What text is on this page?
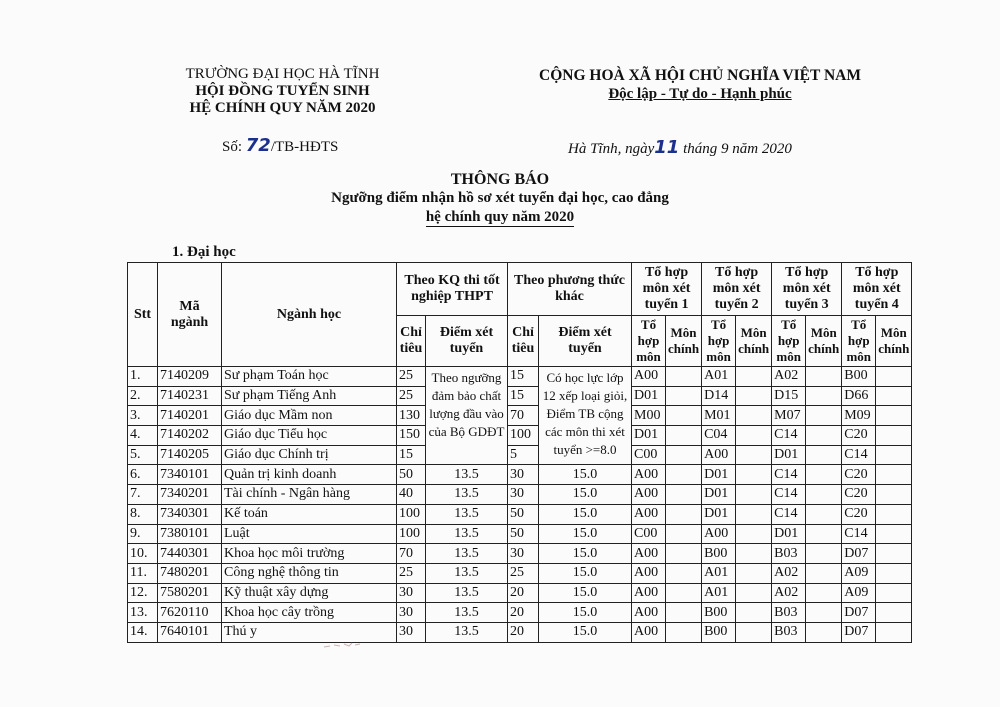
TRƯỜNG ĐẠI HỌC HÀ TĨNH
HỘI ĐỒNG TUYỂN SINH
HỆ CHÍNH QUY NĂM 2020
CỘNG HOÀ XÃ HỘI CHỦ NGHĨA VIỆT NAM
Độc lập - Tự do - Hạnh phúc
Số: 72/TB-HĐTS	Hà Tĩnh, ngày11 tháng 9 năm 2020
THÔNG BÁO
Ngưỡng điểm nhận hồ sơ xét tuyển đại học, cao đẳng
hệ chính quy năm 2020
1. Đại học
Stt	Mã ngành	Ngành học	Theo KQ thi tốt nghiệp THPT		Theo phương thức khác		Tổ hợp môn xét tuyển 1		Tổ hợp môn xét tuyển 2		Tổ hợp môn xét tuyển 3		Tổ hợp môn xét tuyển 4	
			Chỉ tiêu	Điểm xét tuyển	Chỉ tiêu	Điểm xét tuyển	Tổ hợp môn	Môn chính	Tổ hợp môn	Môn chính	Tổ hợp môn	Môn chính	Tổ hợp môn	Môn chính
1.	7140209	Sư phạm Toán học	25	Theo ngưỡng đảm bảo chất lượng đầu vào của Bộ GDĐT	15	Có học lực lớp 12 xếp loại giỏi, Điểm TB cộng các môn thi xét tuyển >=8.0	A00		A01		A02		B00	
2.	7140231	Sư phạm Tiếng Anh	25		15		D01		D14		D15		D66	
3.	7140201	Giáo dục Mầm non	130		70		M00		M01		M07		M09	
4.	7140202	Giáo dục Tiểu học	150		100		D01		C04		C14		C20	
5.	7140205	Giáo dục Chính trị	15		5		C00		A00		D01		C14	
6.	7340101	Quản trị kinh doanh	50	13.5	30	15.0	A00		D01		C14		C20	
7.	7340201	Tài chính - Ngân hàng	40	13.5	30	15.0	A00		D01		C14		C20	
8.	7340301	Kế toán	100	13.5	50	15.0	A00		D01		C14		C20	
9.	7380101	Luật	100	13.5	50	15.0	C00		A00		D01		C14	
10.	7440301	Khoa học môi trường	70	13.5	30	15.0	A00		B00		B03		D07	
11.	7480201	Công nghệ thông tin	25	13.5	25	15.0	A00		A01		A02		A09	
12.	7580201	Kỹ thuật xây dựng	30	13.5	20	15.0	A00		A01		A02		A09	
13.	7620110	Khoa học cây trồng	30	13.5	20	15.0	A00		B00		B03		D07	
14.	7640101	Thú y	30	13.5	20	15.0	A00		B00		B03		D07	
